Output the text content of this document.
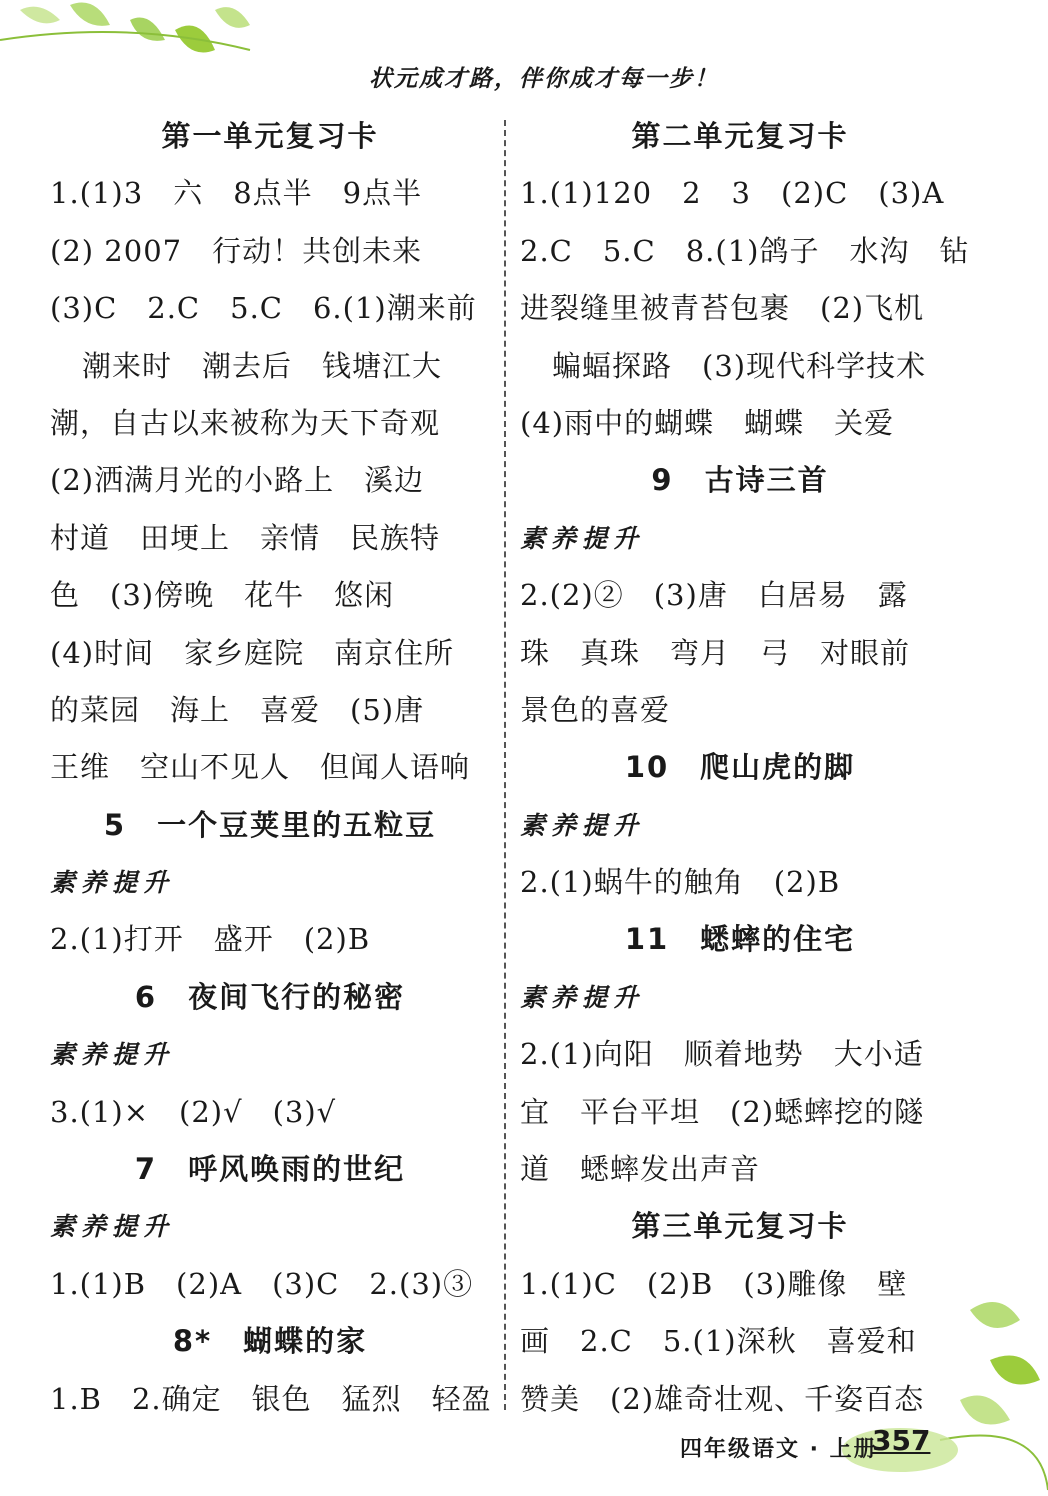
状元成才路，伴你成才每一步！
第一单元复习卡
1.(1)3　六　8点半　9点半
(2) 2007　行动！共创未来
(3)C　2.C　5.C　6.(1)潮来前
潮来时　潮去后　钱塘江大
潮，自古以来被称为天下奇观
(2)洒满月光的小路上　溪边
村道　田埂上　亲情　民族特
色　(3)傍晚　花牛　悠闲
(4)时间　家乡庭院　南京住所
的菜园　海上　喜爱　(5)唐
王维　空山不见人　但闻人语响
5　一个豆荚里的五粒豆
素养提升
2.(1)打开　盛开　(2)B
6　夜间飞行的秘密
素养提升
3.(1)×　(2)√　(3)√
7　呼风唤雨的世纪
素养提升
1.(1)B　(2)A　(3)C　2.(3)③
8*　蝴蝶的家
1.B　2.确定　银色　猛烈　轻盈
第二单元复习卡
1.(1)120　2　3　(2)C　(3)A
2.C　5.C　8.(1)鸽子　水沟　钻
进裂缝里被青苔包裹　(2)飞机
蝙蝠探路　(3)现代科学技术
(4)雨中的蝴蝶　蝴蝶　关爱
9　古诗三首
素养提升
2.(2)②　(3)唐　白居易　露
珠　真珠　弯月　弓　对眼前
景色的喜爱
10　爬山虎的脚
素养提升
2.(1)蜗牛的触角　(2)B
11　蟋蟀的住宅
素养提升
2.(1)向阳　顺着地势　大小适
宜　平台平坦　(2)蟋蟀挖的隧
道　蟋蟀发出声音
第三单元复习卡
1.(1)C　(2)B　(3)雕像　壁
画　2.C　5.(1)深秋　喜爱和
赞美　(2)雄奇壮观、千姿百态
四年级语文 · 上册
357
